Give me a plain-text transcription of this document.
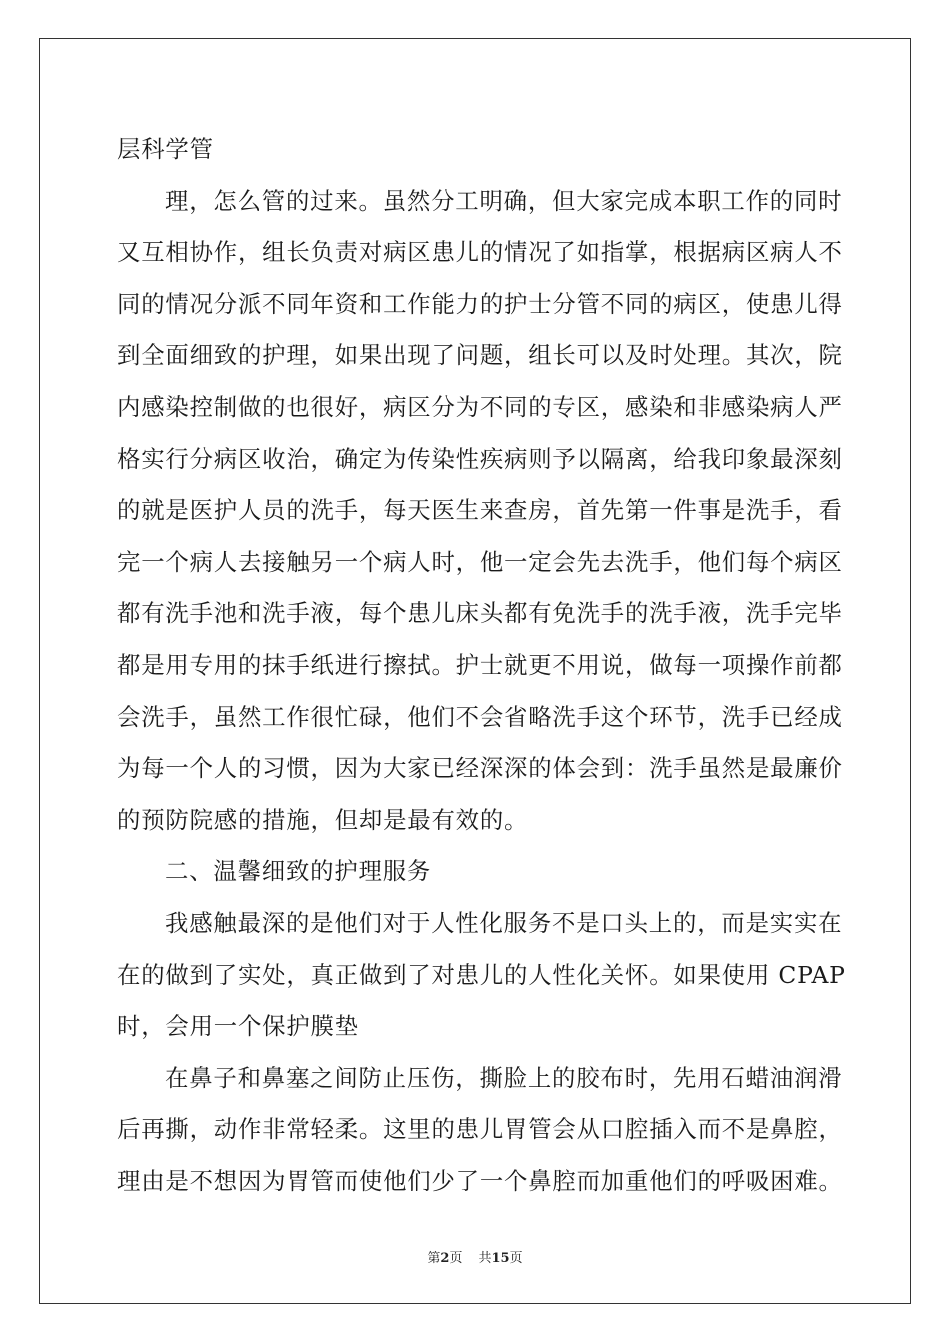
层科学管
理，怎么管的过来。虽然分工明确，但大家完成本职工作的同时
又互相协作，组长负责对病区患儿的情况了如指掌，根据病区病人不
同的情况分派不同年资和工作能力的护士分管不同的病区，使患儿得
到全面细致的护理，如果出现了问题，组长可以及时处理。其次，院
内感染控制做的也很好，病区分为不同的专区，感染和非感染病人严
格实行分病区收治，确定为传染性疾病则予以隔离，给我印象最深刻
的就是医护人员的洗手，每天医生来查房，首先第一件事是洗手，看
完一个病人去接触另一个病人时，他一定会先去洗手，他们每个病区
都有洗手池和洗手液，每个患儿床头都有免洗手的洗手液，洗手完毕
都是用专用的抹手纸进行擦拭。护士就更不用说，做每一项操作前都
会洗手，虽然工作很忙碌，他们不会省略洗手这个环节，洗手已经成
为每一个人的习惯，因为大家已经深深的体会到：洗手虽然是最廉价
的预防院感的措施，但却是最有效的。
二、温馨细致的护理服务
我感触最深的是他们对于人性化服务不是口头上的，而是实实在
在的做到了实处，真正做到了对患儿的人性化关怀。如果使用 CPAP
时，会用一个保护膜垫
在鼻子和鼻塞之间防止压伤，撕脸上的胶布时，先用石蜡油润滑
后再撕，动作非常轻柔。这里的患儿胃管会从口腔插入而不是鼻腔，
理由是不想因为胃管而使他们少了一个鼻腔而加重他们的呼吸困难。
第2页 共15页
